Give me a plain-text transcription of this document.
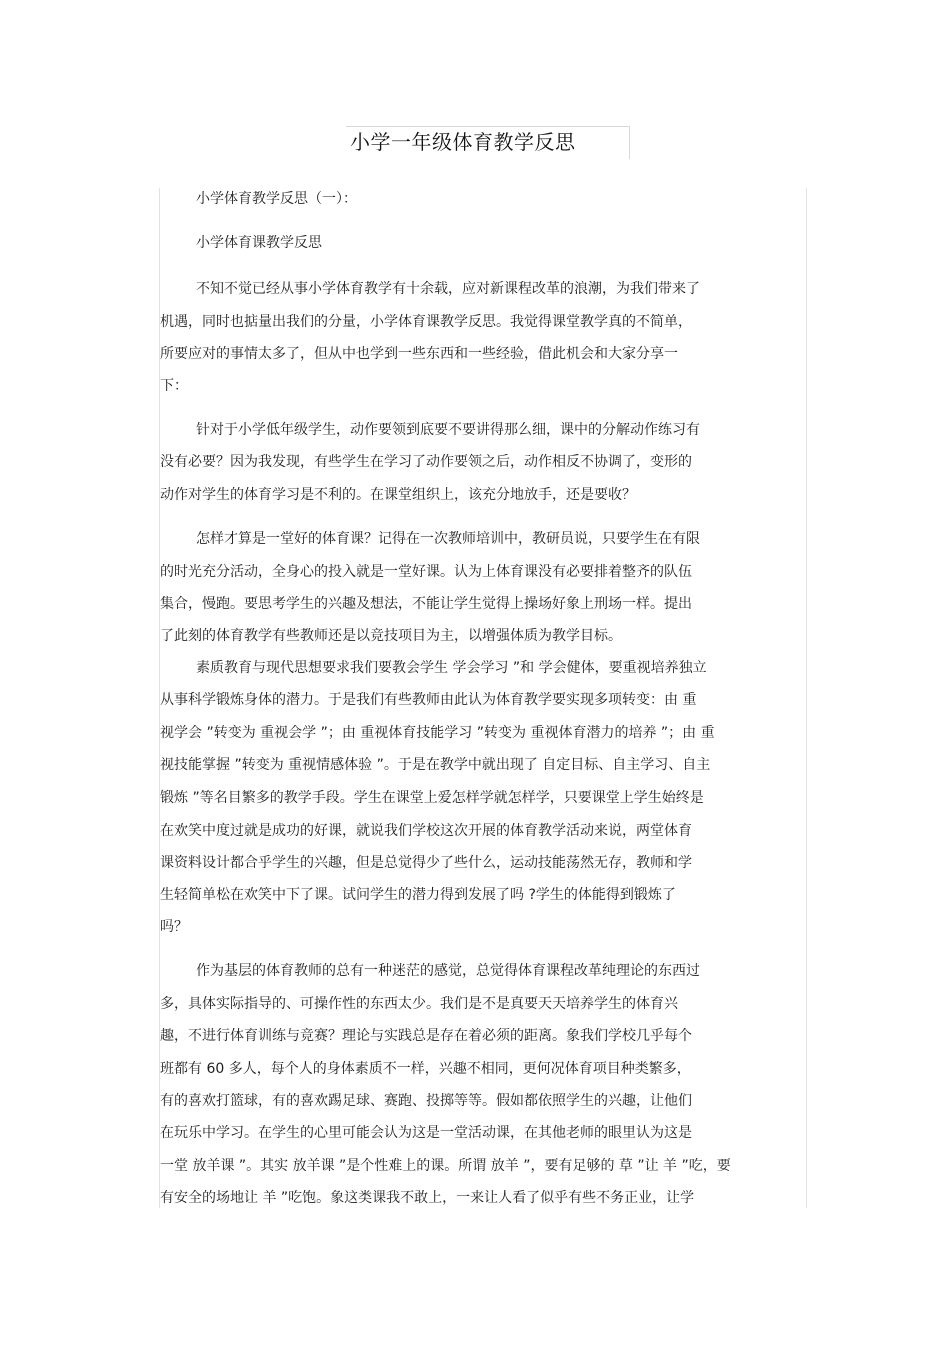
小学一年级体育教学反思
小学体育教学反思（一）：
小学体育课教学反思
不知不觉已经从事小学体育教学有十余载，应对新课程改革的浪潮，为我们带来了
机遇，同时也掂量出我们的分量，小学体育课教学反思。我觉得课堂教学真的不简单，
所要应对的事情太多了，但从中也学到一些东西和一些经验，借此机会和大家分享一
下：
针对于小学低年级学生，动作要领到底要不要讲得那么细，课中的分解动作练习有
没有必要？因为我发现，有些学生在学习了动作要领之后，动作相反不协调了，变形的
动作对学生的体育学习是不利的。在课堂组织上，该充分地放手，还是要收？
怎样才算是一堂好的体育课？记得在一次教师培训中，教研员说，只要学生在有限
的时光充分活动，全身心的投入就是一堂好课。认为上体育课没有必要排着整齐的队伍
集合，慢跑。要思考学生的兴趣及想法，不能让学生觉得上操场好象上刑场一样。提出
了此刻的体育教学有些教师还是以竞技项目为主，以增强体质为教学目标。
素质教育与现代思想要求我们要教会学生 学会学习 ”和 学会健体，要重视培养独立
从事科学锻炼身体的潜力。于是我们有些教师由此认为体育教学要实现多项转变：由 重
视学会 ”转变为 重视会学 ”；由 重视体育技能学习 ”转变为 重视体育潜力的培养 ”；由 重
视技能掌握 ”转变为 重视情感体验 ”。于是在教学中就出现了 自定目标、自主学习、自主
锻炼 ”等名目繁多的教学手段。学生在课堂上爱怎样学就怎样学，只要课堂上学生始终是
在欢笑中度过就是成功的好课，就说我们学校这次开展的体育教学活动来说，两堂体育
课资料设计都合乎学生的兴趣，但是总觉得少了些什么，运动技能荡然无存，教师和学
生轻简单松在欢笑中下了课。试问学生的潜力得到发展了吗 ?学生的体能得到锻炼了
吗？
作为基层的体育教师的总有一种迷茫的感觉，总觉得体育课程改革纯理论的东西过
多，具体实际指导的、可操作性的东西太少。我们是不是真要天天培养学生的体育兴
趣，不进行体育训练与竞赛？理论与实践总是存在着必须的距离。象我们学校几乎每个
班都有 60 多人，每个人的身体素质不一样，兴趣不相同，更何况体育项目种类繁多，
有的喜欢打篮球，有的喜欢踢足球、赛跑、投掷等等。假如都依照学生的兴趣，让他们
在玩乐中学习。在学生的心里可能会认为这是一堂活动课，在其他老师的眼里认为这是
一堂 放羊课 ”。其实 放羊课 ”是个性难上的课。所谓 放羊 ”，要有足够的 草 ”让 羊 ”吃，要
有安全的场地让 羊 ”吃饱。象这类课我不敢上，一来让人看了似乎有些不务正业，让学
